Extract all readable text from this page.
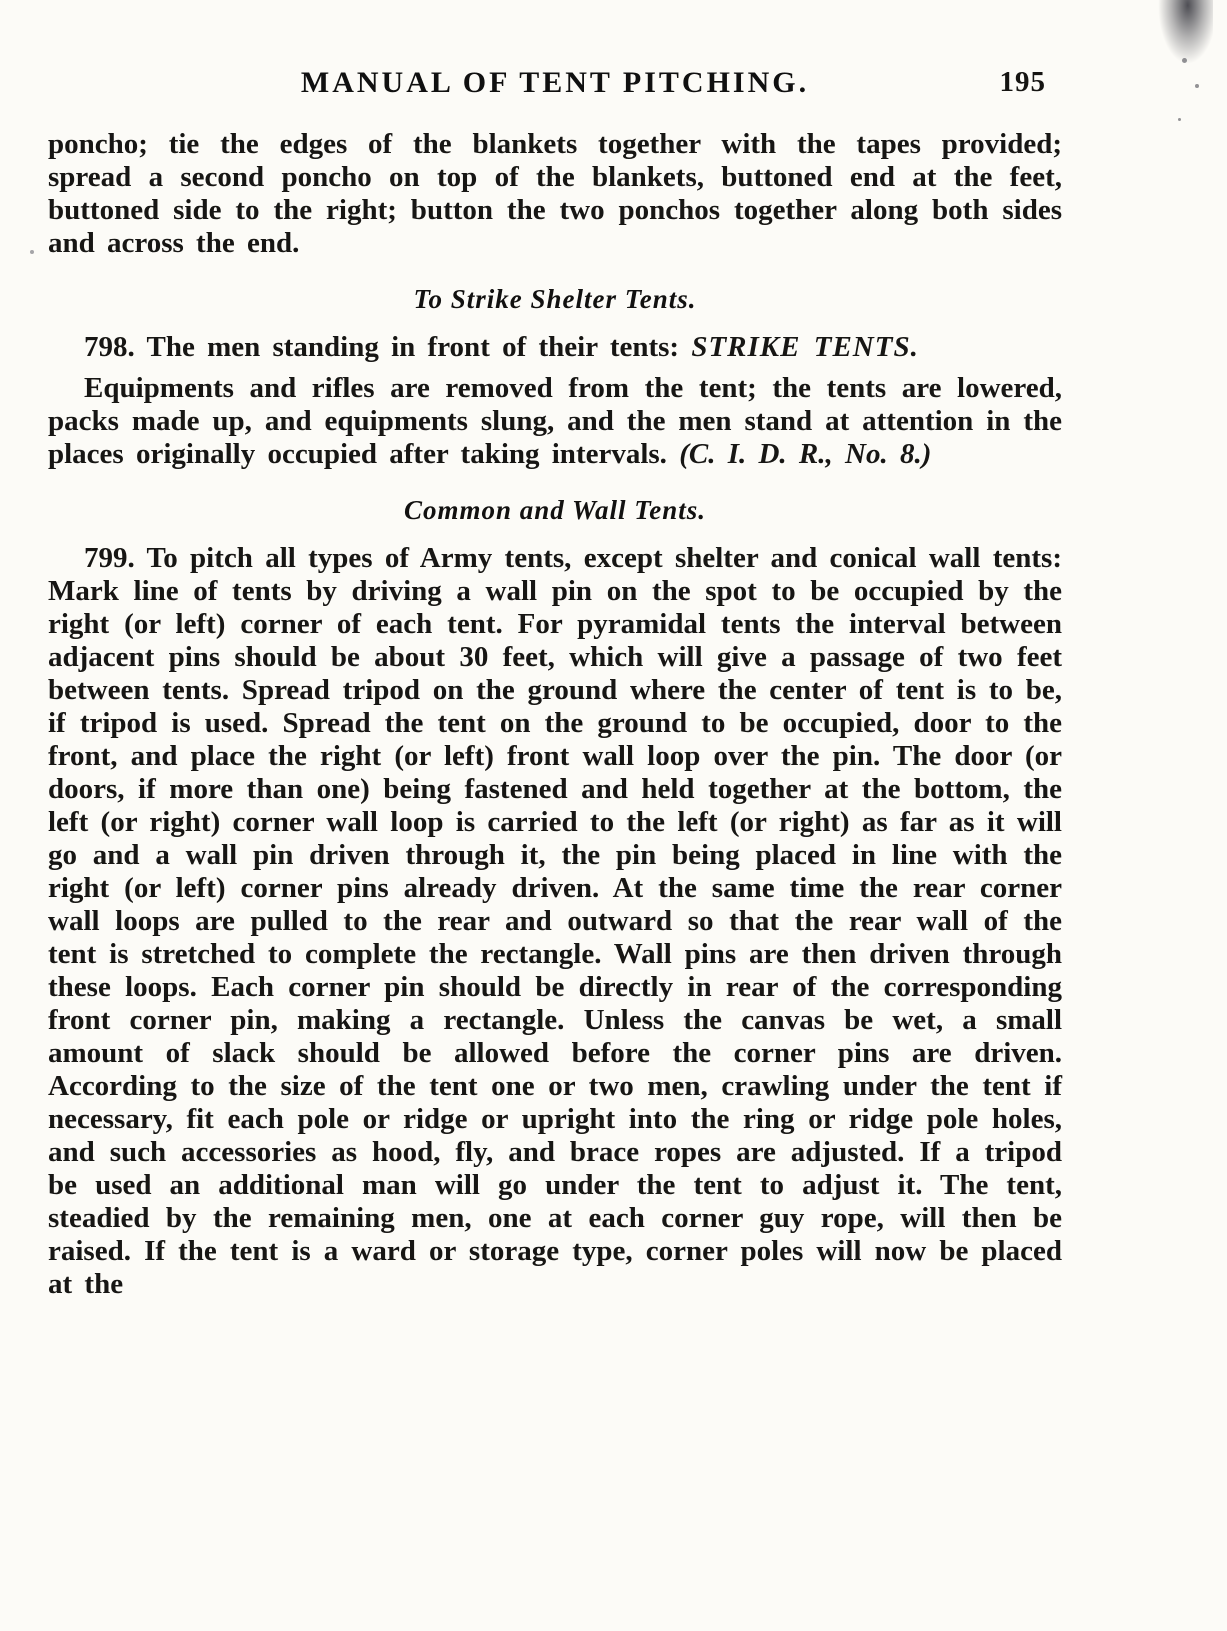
MANUAL OF TENT PITCHING.	195

poncho; tie the edges of the blankets together with the tapes provided; spread a second poncho on top of the blankets, buttoned end at the feet, buttoned side to the right; button the two ponchos together along both sides and across the end.

To Strike Shelter Tents.

798. The men standing in front of their tents: STRIKE TENTS.

Equipments and rifles are removed from the tent; the tents are lowered, packs made up, and equipments slung, and the men stand at attention in the places originally occupied after taking intervals. (C. I. D. R., No. 8.)

Common and Wall Tents.

799. To pitch all types of Army tents, except shelter and conical wall tents: Mark line of tents by driving a wall pin on the spot to be occupied by the right (or left) corner of each tent. For pyramidal tents the interval between adjacent pins should be about 30 feet, which will give a passage of two feet between tents. Spread tripod on the ground where the center of tent is to be, if tripod is used. Spread the tent on the ground to be occupied, door to the front, and place the right (or left) front wall loop over the pin. The door (or doors, if more than one) being fastened and held together at the bottom, the left (or right) corner wall loop is carried to the left (or right) as far as it will go and a wall pin driven through it, the pin being placed in line with the right (or left) corner pins already driven. At the same time the rear corner wall loops are pulled to the rear and outward so that the rear wall of the tent is stretched to complete the rectangle. Wall pins are then driven through these loops. Each corner pin should be directly in rear of the corresponding front corner pin, making a rectangle. Unless the canvas be wet, a small amount of slack should be allowed before the corner pins are driven. According to the size of the tent one or two men, crawling under the tent if necessary, fit each pole or ridge or upright into the ring or ridge pole holes, and such accessories as hood, fly, and brace ropes are adjusted. If a tripod be used an additional man will go under the tent to adjust it. The tent, steadied by the remaining men, one at each corner guy rope, will then be raised. If the tent is a ward or storage type, corner poles will now be placed at the
